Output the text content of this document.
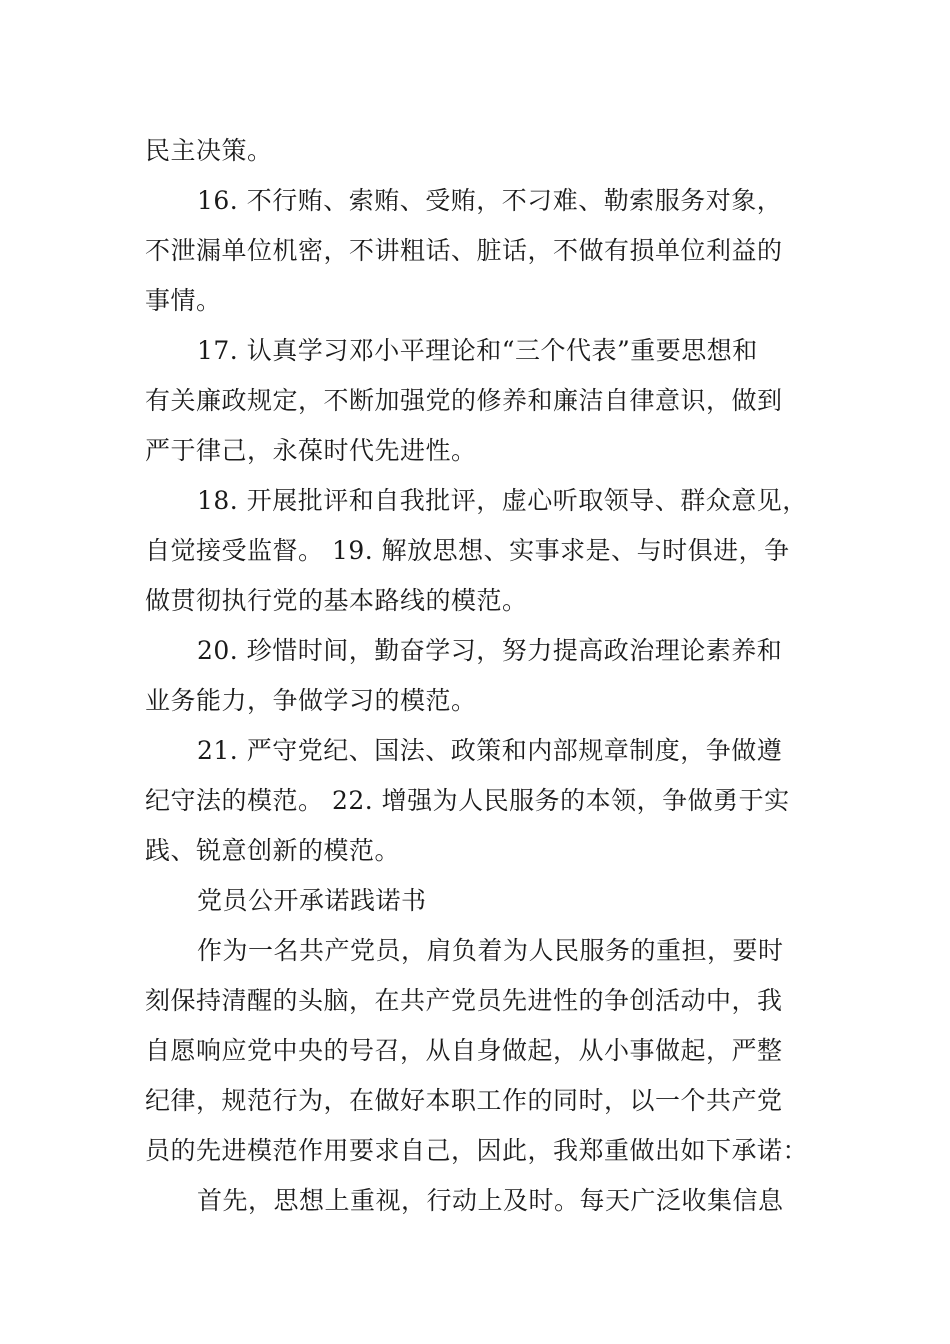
民主决策。
16. 不行贿、索贿、受贿，不刁难、勒索服务对象，
不泄漏单位机密，不讲粗话、脏话，不做有损单位利益的
事情。
17. 认真学习邓小平理论和“三个代表”重要思想和
有关廉政规定，不断加强党的修养和廉洁自律意识，做到
严于律己，永葆时代先进性。
18. 开展批评和自我批评，虚心听取领导、群众意见，
自觉接受监督。 19. 解放思想、实事求是、与时俱进，争
做贯彻执行党的基本路线的模范。
20. 珍惜时间，勤奋学习，努力提高政治理论素养和
业务能力，争做学习的模范。
21. 严守党纪、国法、政策和内部规章制度，争做遵
纪守法的模范。 22. 增强为人民服务的本领，争做勇于实
践、锐意创新的模范。
党员公开承诺践诺书
作为一名共产党员，肩负着为人民服务的重担，要时
刻保持清醒的头脑，在共产党员先进性的争创活动中，我
自愿响应党中央的号召，从自身做起，从小事做起，严整
纪律，规范行为，在做好本职工作的同时，以一个共产党
员的先进模范作用要求自己，因此，我郑重做出如下承诺：
首先，思想上重视，行动上及时。每天广泛收集信息
